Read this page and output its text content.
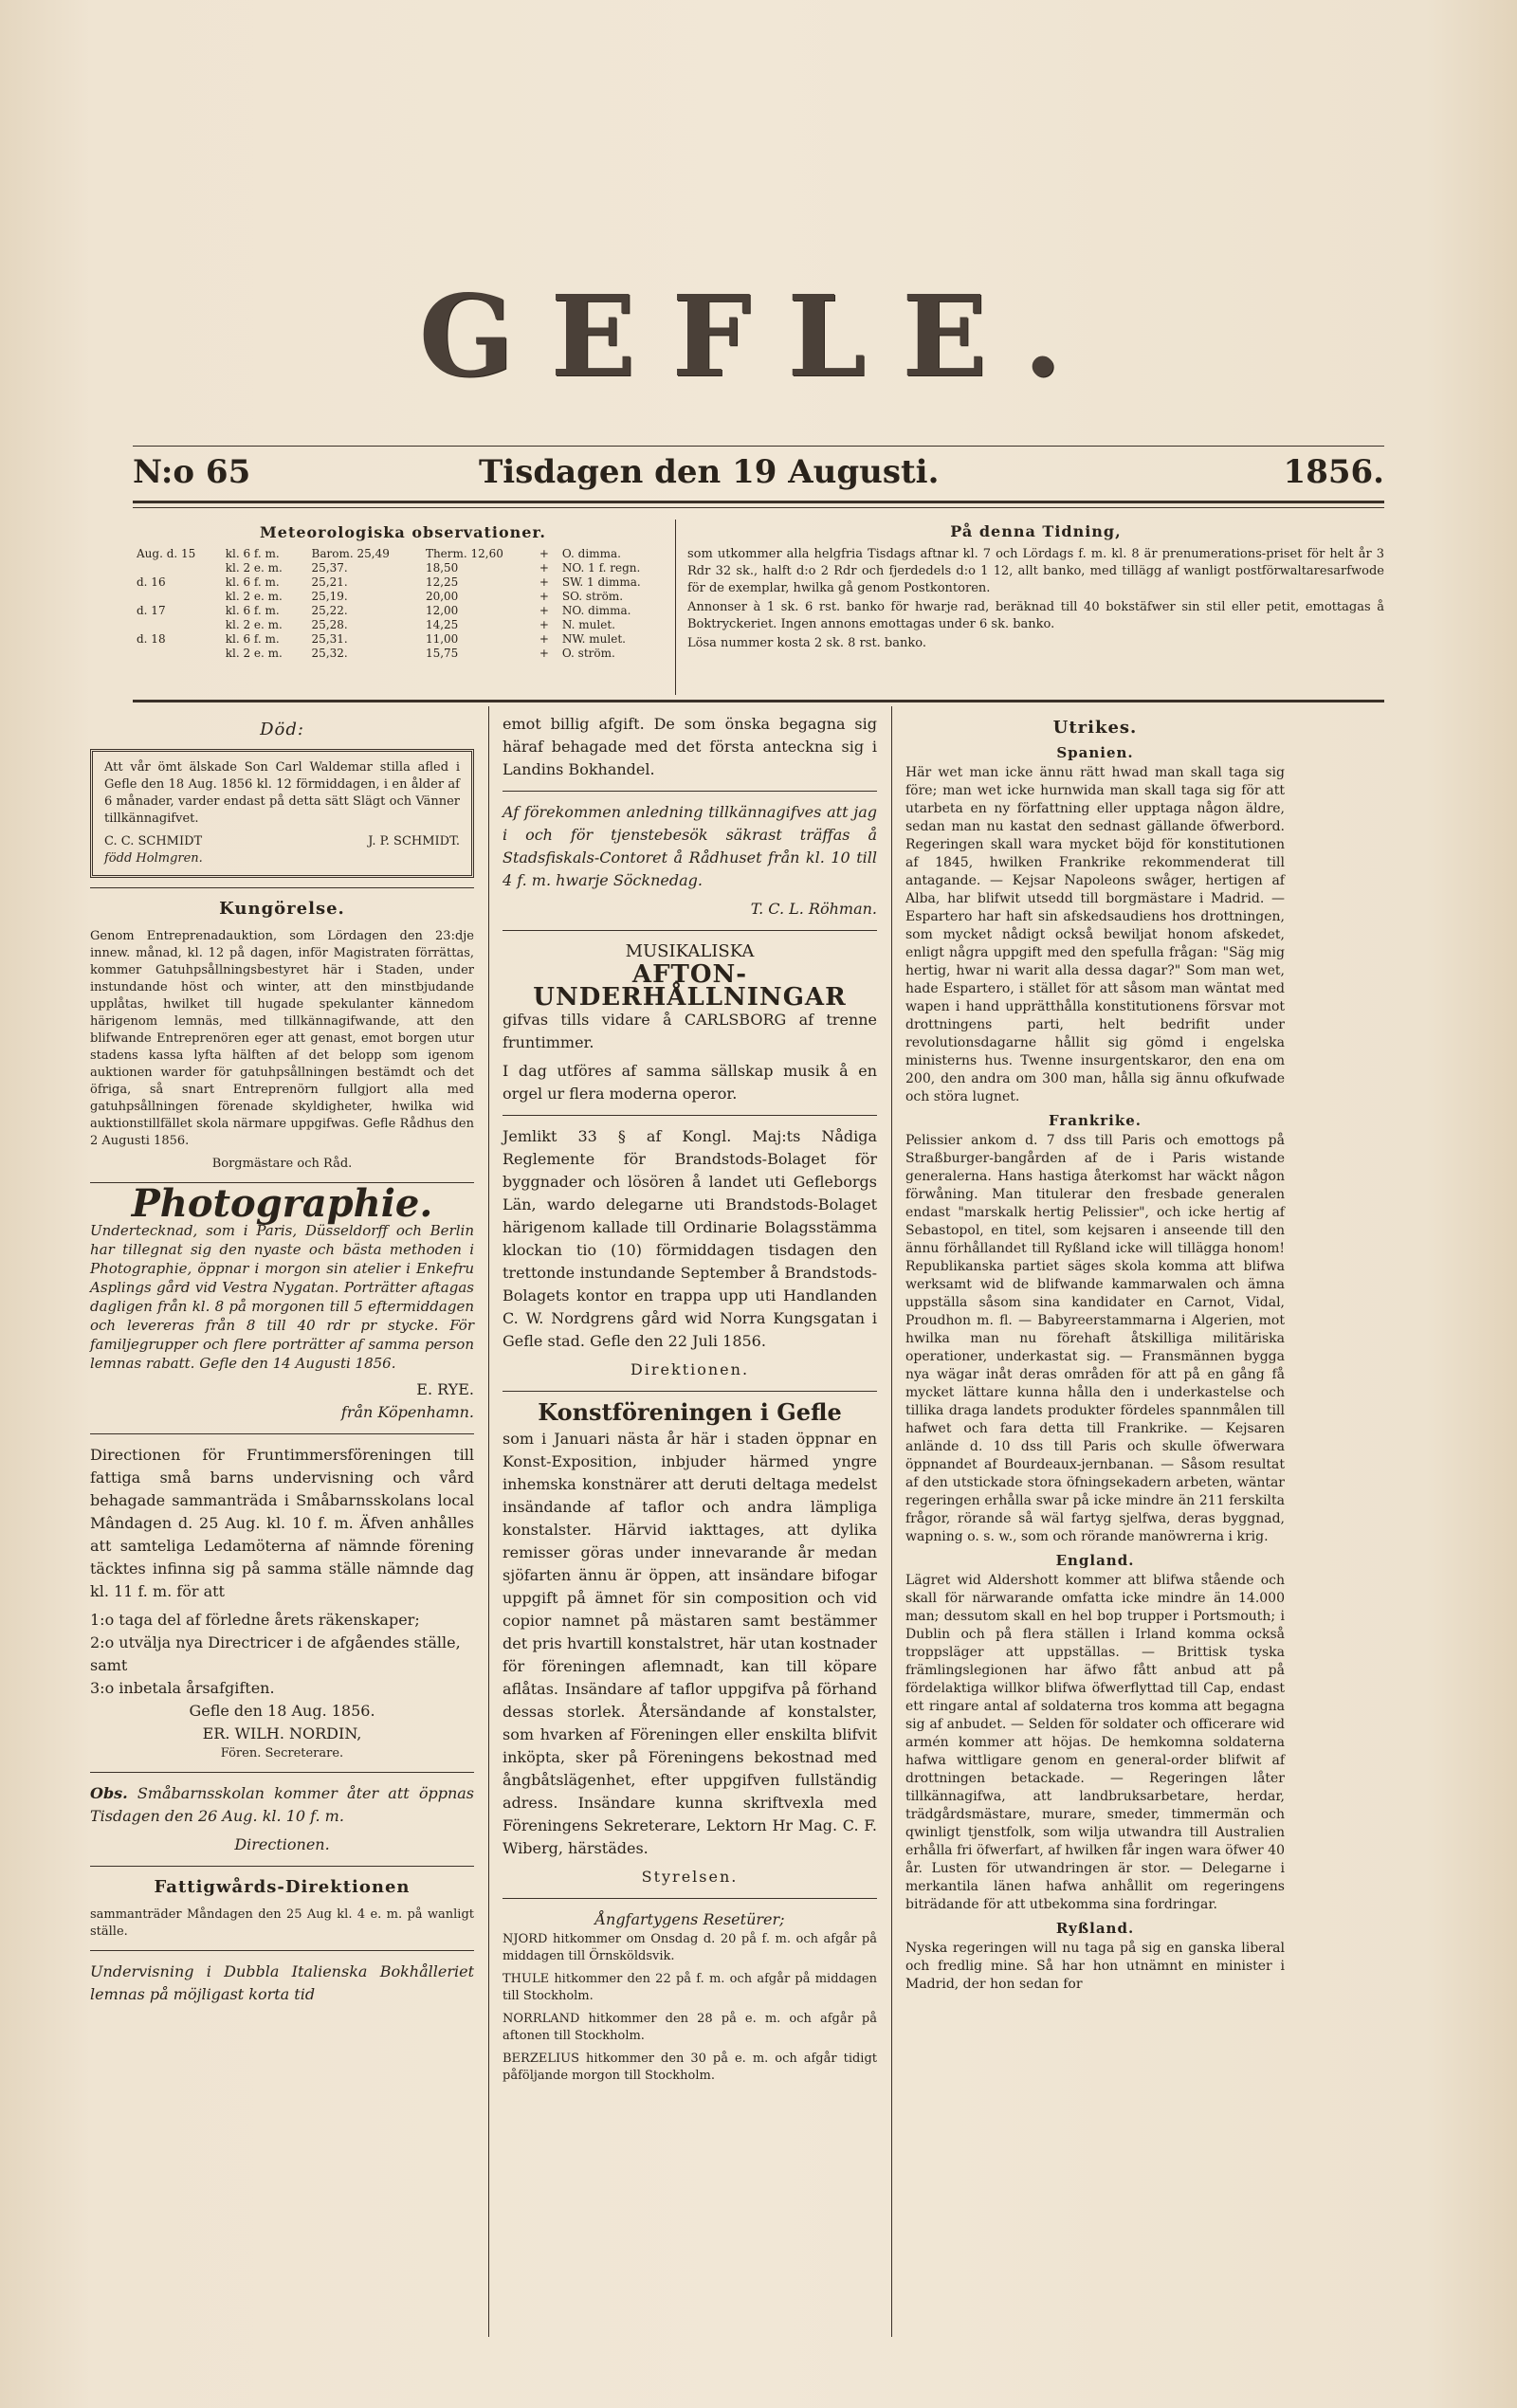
GEFLE.
N:o 65	Tisdagen den 19 Augusti.	1856.
Meteorologiska observationer.
Aug. d. 15	kl. 6 f. m.	Barom. 25,49	Therm. 12,60	+	O. dimma.
	kl. 2 e. m.	25,37.	18,50	+	NO. 1 f. regn.
d. 16	kl. 6 f. m.	25,21.	12,25	+	SW. 1 dimma.
	kl. 2 e. m.	25,19.	20,00	+	SO. ström.
d. 17	kl. 6 f. m.	25,22.	12,00	+	NO. dimma.
	kl. 2 e. m.	25,28.	14,25	+	N. mulet.
d. 18	kl. 6 f. m.	25,31.	11,00	+	NW. mulet.
	kl. 2 e. m.	25,32.	15,75	+	O. ström.
På denna Tidning,

som utkommer alla helgfria Tisdags aftnar kl. 7 och Lördags f. m. kl. 8 är prenumerations-priset för helt år 3 Rdr 32 sk., halft d:o 2 Rdr och fjerdedels d:o 1 12, allt banko, med tillägg af wanligt postförwaltaresarfwode för de exemplar, hwilka gå genom Postkontoren.

Annonser à 1 sk. 6 rst. banko för hwarje rad, beräknad till 40 bokstäfwer sin stil eller petit, emottagas å Boktryckeriet. Ingen annons emottagas under 6 sk. banko.

Lösa nummer kosta 2 sk. 8 rst. banko.

Död:

Att vår ömt älskade Son Carl Waldemar stilla afled i Gefle den 18 Aug. 1856 kl. 12 förmiddagen, i en ålder af 6 månader, varder endast på detta sätt Slägt och Vänner tillkännagifvet.

C. C. SCHMIDT
född Holmgren.
J. P. SCHMIDT.
Kungörelse.

Genom Entreprenadauktion, som Lördagen den 23:dje innew. månad, kl. 12 på dagen, inför Magistraten förrättas, kommer Gatuhpsållningsbestyret här i Staden, under instundande höst och winter, att den minstbjudande upplåtas, hwilket till hugade spekulanter kännedom härigenom lemnäs, med tillkännagifwande, att den blifwande Entreprenören eger att genast, emot borgen utur stadens kassa lyfta hälften af det belopp som igenom auktionen warder för gatuhpsållningen bestämdt och det öfriga, så snart Entreprenörn fullgjort alla med gatuhpsållningen förenade skyldigheter, hwilka wid auktionstillfället skola närmare uppgifwas. Gefle Rådhus den 2 Augusti 1856.

Borgmästare och Råd.
Photographie.

Undertecknad, som i Paris, Düsseldorff och Berlin har tillegnat sig den nyaste och bästa methoden i Photographie, öppnar i morgon sin atelier i Enkefru Asplings gård vid Vestra Nygatan. Porträtter aftagas dagligen från kl. 8 på morgonen till 5 eftermiddagen och levereras från 8 till 40 rdr pr stycke. För familjegrupper och flere porträtter af samma person lemnas rabatt. Gefle den 14 Augusti 1856.

E. RYE.
från Köpenhamn.

Directionen för Fruntimmersföreningen till fattiga små barns undervisning och vård behagade sammanträda i Småbarnsskolans local Mândagen d. 25 Aug. kl. 10 f. m. Äfven anhålles att samteliga Ledamöterna af nämnde förening täcktes infinna sig på samma ställe nämnde dag kl. 11 f. m. för att

1:o taga del af förledne årets räkenskaper;
2:o utvälja nya Directricer i de afgåendes ställe, samt
3:o inbetala årsafgiften.
Gefle den 18 Aug. 1856.
ER. WILH. NORDIN,
Fören. Secreterare.

Obs. Småbarnsskolan kommer åter att öppnas Tisdagen den 26 Aug. kl. 10 f. m.

Directionen.
Fattigwårds-Direktionen

sammanträder Måndagen den 25 Aug kl. 4 e. m. på wanligt ställe.

Undervisning i Dubbla Italienska Bokhålleriet lemnas på möjligast korta tid

emot billig afgift. De som önska begagna sig häraf behagade med det första anteckna sig i Landins Bokhandel.

Af förekommen anledning tillkännagifves att jag i och för tjenstebesök säkrast träffas å Stadsfiskals-Contoret å Rådhuset från kl. 10 till 4 f. m. hwarje Söcknedag.

T. C. L. Röhman.
MUSIKALISKA
AFTON-UNDERHÅLLNINGAR

gifvas tills vidare å CARLSBORG af trenne fruntimmer.

I dag utföres af samma sällskap musik å en orgel ur flera moderna operor.

Jemlikt 33 § af Kongl. Maj:ts Nådiga Reglemente för Brandstods-Bolaget för byggnader och lösören å landet uti Gefleborgs Län, wardo delegarne uti Brandstods-Bolaget härigenom kallade till Ordinarie Bolagsstämma klockan tio (10) förmiddagen tisdagen den trettonde instundande September å Brandstods-Bolagets kontor en trappa upp uti Handlanden C. W. Nordgrens gård wid Norra Kungsgatan i Gefle stad. Gefle den 22 Juli 1856.

Direktionen.
Konstföreningen i Gefle

som i Januari nästa år här i staden öppnar en Konst-Exposition, inbjuder härmed yngre inhemska konstnärer att deruti deltaga medelst insändande af taflor och andra lämpliga konstalster. Härvid iakttages, att dylika remisser göras under innevarande år medan sjöfarten ännu är öppen, att insändare bifogar uppgift på ämnet för sin composition och vid copior namnet på mästaren samt bestämmer det pris hvartill konstalstret, här utan kostnader för föreningen aflemnadt, kan till köpare aflåtas. Insändare af taflor uppgifva på förhand dessas storlek. Återsändande af konstalster, som hvarken af Föreningen eller enskilta blifvit inköpta, sker på Föreningens bekostnad med ångbåtslägenhet, efter uppgifven fullständig adress. Insändare kunna skriftvexla med Föreningens Sekreterare, Lektorn Hr Mag. C. F. Wiberg, härstädes.

Styrelsen.
Ångfartygens Resetürer;

NJORD hitkommer om Onsdag d. 20 på f. m. och afgår på middagen till Örnsköldsvik.

THULE hitkommer den 22 på f. m. och afgår på middagen till Stockholm.

NORRLAND hitkommer den 28 på e. m. och afgår på aftonen till Stockholm.

BERZELIUS hitkommer den 30 på e. m. och afgår tidigt påföljande morgon till Stockholm.

Utrikes.
Spanien.

Här wet man icke ännu rätt hwad man skall taga sig före; man wet icke hurnwida man skall taga sig för att utarbeta en ny författning eller upptaga någon äldre, sedan man nu kastat den sednast gällande öfwerbord. Regeringen skall wara mycket böjd för konstitutionen af 1845, hwilken Frankrike rekommenderat till antagande. — Kejsar Napoleons swåger, hertigen af Alba, har blifwit utsedd till borgmästare i Madrid. — Espartero har haft sin afskedsaudiens hos drottningen, som mycket nådigt också bewiljat honom afskedet, enligt några uppgift med den spefulla frågan: "Säg mig hertig, hwar ni warit alla dessa dagar?" Som man wet, hade Espartero, i stället för att såsom man wäntat med wapen i hand upprätthålla konstitutionens försvar mot drottningens parti, helt bedrifit under revolutionsdagarne hållit sig gömd i engelska ministerns hus. Twenne insurgentskaror, den ena om 200, den andra om 300 man, hålla sig ännu ofkufwade och störa lugnet.

Frankrike.

Pelissier ankom d. 7 dss till Paris och emottogs på Straßburger-bangården af de i Paris wistande generalerna. Hans hastiga återkomst har wäckt någon förwåning. Man titulerar den fresbade generalen endast "marskalk hertig Pelissier", och icke hertig af Sebastopol, en titel, som kejsaren i anseende till den ännu förhållandet till Ryßland icke will tillägga honom! Republikanska partiet säges skola komma att blifwa werksamt wid de blifwande kammarwalen och ämna uppställa såsom sina kandidater en Carnot, Vidal, Proudhon m. fl. — Babyreerstammarna i Algerien, mot hwilka man nu förehaft åtskilliga militäriska operationer, underkastat sig. — Fransmännen bygga nya wägar inåt deras områden för att på en gång få mycket lättare kunna hålla den i underkastelse och tillika draga landets produkter fördeles spannmålen till hafwet och fara detta till Frankrike. — Kejsaren anlände d. 10 dss till Paris och skulle öfwerwara öppnandet af Bourdeaux-jernbanan. — Såsom resultat af den utstickade stora öfningsekadern arbeten, wäntar regeringen erhålla swar på icke mindre än 211 ferskilta frågor, rörande så wäl fartyg sjelfwa, deras byggnad, wapning o. s. w., som och rörande manöwrerna i krig.

England.

Lägret wid Aldershott kommer att blifwa stående och skall för närwarande omfatta icke mindre än 14.000 man; dessutom skall en hel bop trupper i Portsmouth; i Dublin och på flera ställen i Irland komma också troppsläger att uppställas. — Brittisk tyska främlingslegionen har äfwo fått anbud att på fördelaktiga willkor blifwa öfwerflyttad till Cap, endast ett ringare antal af soldaterna tros komma att begagna sig af anbudet. — Selden för soldater och officerare wid armén kommer att höjas. De hemkomna soldaterna hafwa wittligare genom en general-order blifwit af drottningen betackade. — Regeringen låter tillkännagifwa, att landbruksarbetare, herdar, trädgårdsmästare, murare, smeder, timmermän och qwinligt tjenstfolk, som wilja utwandra till Australien erhålla fri öfwerfart, af hwilken får ingen wara öfwer 40 år. Lusten för utwandringen är stor. — Delegarne i merkantila länen hafwa anhållit om regeringens biträdande för att utbekomma sina fordringar.

Ryßland.

Nyska regeringen will nu taga på sig en ganska liberal och fredlig mine. Så har hon utnämnt en minister i Madrid, der hon sedan for
